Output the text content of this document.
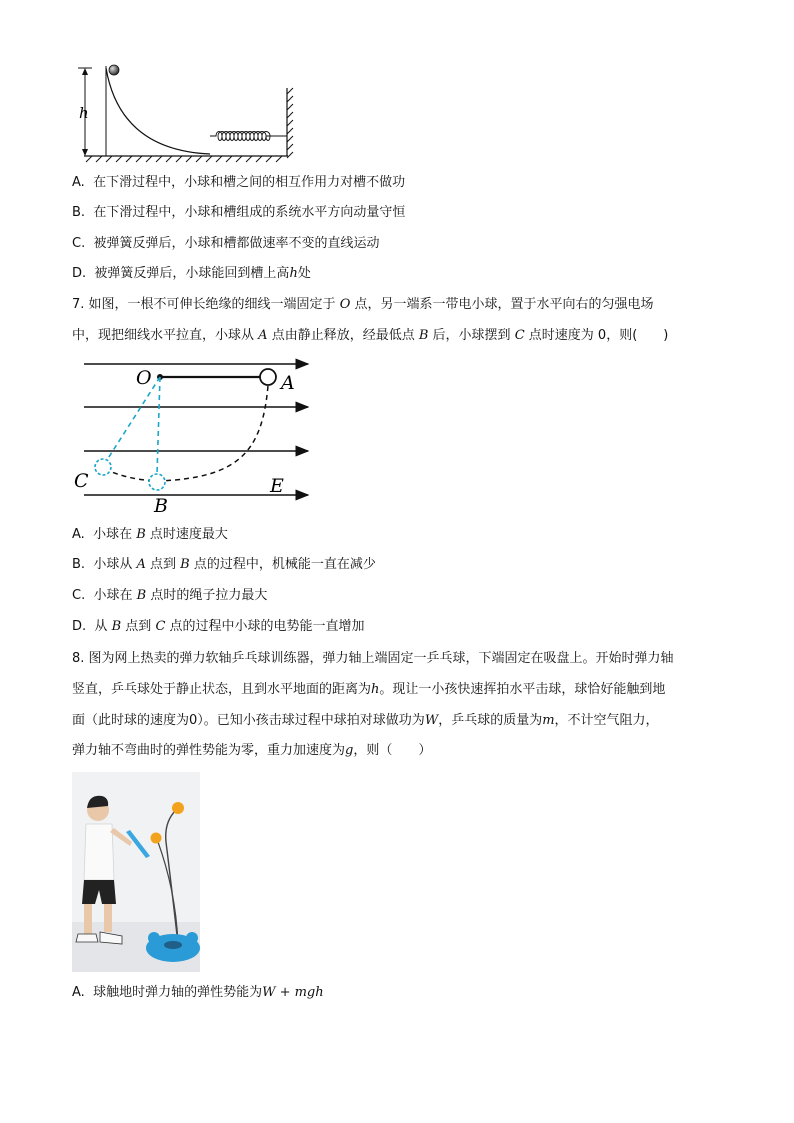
h
A. 在下滑过程中，小球和槽之间的相互作用力对槽不做功
B. 在下滑过程中，小球和槽组成的系统水平方向动量守恒
C. 被弹簧反弹后，小球和槽都做速率不变的直线运动
D. 被弹簧反弹后，小球能回到槽上高h处
7. 如图，一根不可伸长绝缘的细线一端固定于 O 点，另一端系一带电小球，置于水平向右的匀强电场
中，现把细线水平拉直，小球从 A 点由静止释放，经最低点 B 后，小球摆到 C 点时速度为 0，则(　　)
O	A
B
C	E
A. 小球在 B 点时速度最大
B. 小球从 A 点到 B 点的过程中，机械能一直在减少
C. 小球在 B 点时的绳子拉力最大
D. 从 B 点到 C 点的过程中小球的电势能一直增加
8. 图为网上热卖的弹力软轴乒乓球训练器，弹力轴上端固定一乒乓球，下端固定在吸盘上。开始时弹力轴
竖直，乒乓球处于静止状态，且到水平地面的距离为h。现让一小孩快速挥拍水平击球，球恰好能触到地
面（此时球的速度为0）。已知小孩击球过程中球拍对球做功为W，乒乓球的质量为m，不计空气阻力，
弹力轴不弯曲时的弹性势能为零，重力加速度为g，则（　　）
A. 球触地时弹力轴的弹性势能为W + mgh
